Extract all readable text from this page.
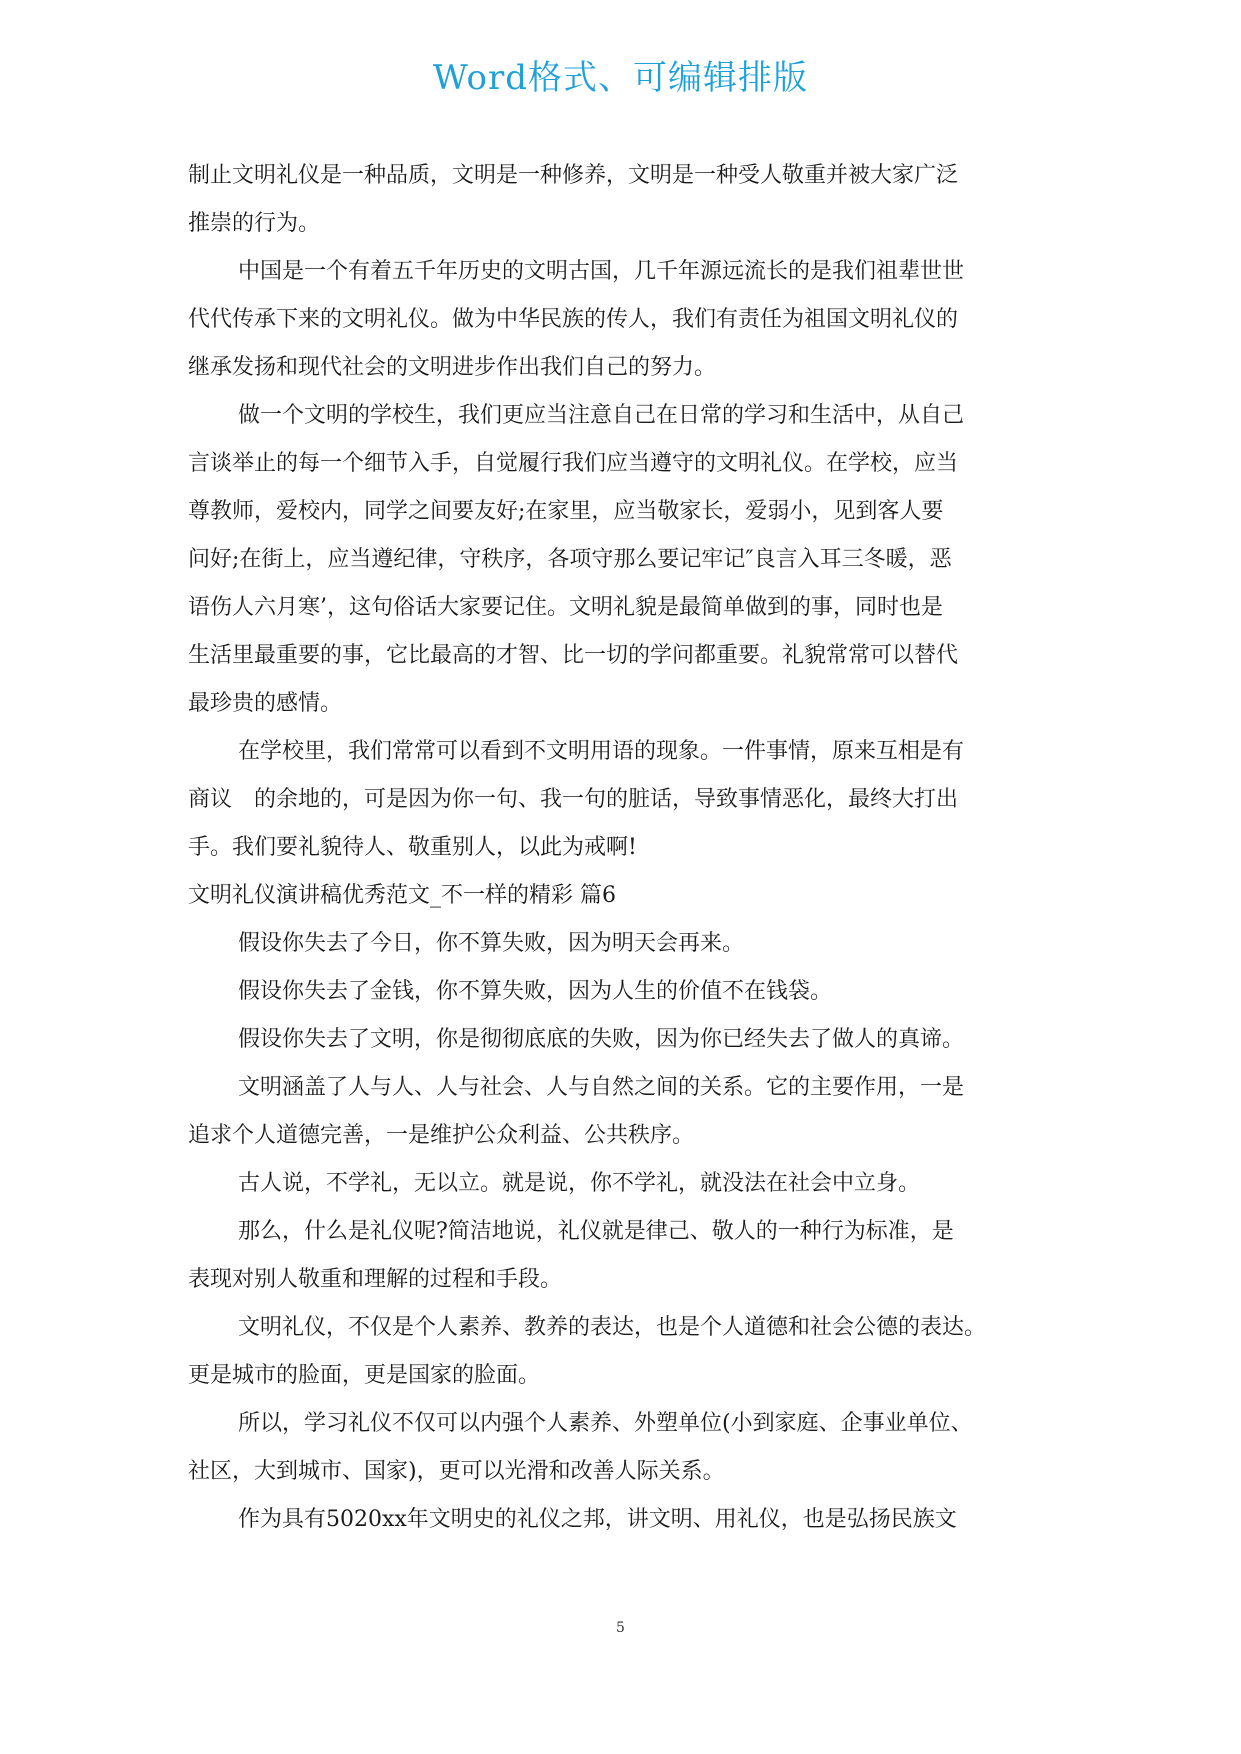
Word格式、可编辑排版
制止文明礼仪是一种品质，文明是一种修养，文明是一种受人敬重并被大家广泛
推崇的行为。
中国是一个有着五千年历史的文明古国，几千年源远流长的是我们祖辈世世
代代传承下来的文明礼仪。做为中华民族的传人，我们有责任为祖国文明礼仪的
继承发扬和现代社会的文明进步作出我们自己的努力。
做一个文明的学校生，我们更应当注意自己在日常的学习和生活中，从自己
言谈举止的每一个细节入手，自觉履行我们应当遵守的文明礼仪。在学校，应当
尊教师，爱校内，同学之间要友好;在家里，应当敬家长，爱弱小，见到客人要
问好;在街上，应当遵纪律，守秩序，各项守那么要记牢记″良言入耳三冬暖，恶
语伤人六月寒’，这句俗话大家要记住。文明礼貌是最简单做到的事，同时也是
生活里最重要的事，它比最高的才智、比一切的学问都重要。礼貌常常可以替代
最珍贵的感情。
在学校里，我们常常可以看到不文明用语的现象。一件事情，原来互相是有
商议　的余地的，可是因为你一句、我一句的脏话，导致事情恶化，最终大打出
手。我们要礼貌待人、敬重别人，以此为戒啊!
文明礼仪演讲稿优秀范文_不一样的精彩 篇6
假设你失去了今日，你不算失败，因为明天会再来。
假设你失去了金钱，你不算失败，因为人生的价值不在钱袋。
假设你失去了文明，你是彻彻底底的失败，因为你已经失去了做人的真谛。
文明涵盖了人与人、人与社会、人与自然之间的关系。它的主要作用，一是
追求个人道德完善，一是维护公众利益、公共秩序。
古人说，不学礼，无以立。就是说，你不学礼，就没法在社会中立身。
那么，什么是礼仪呢?简洁地说，礼仪就是律己、敬人的一种行为标准，是
表现对别人敬重和理解的过程和手段。
文明礼仪，不仅是个人素养、教养的表达，也是个人道德和社会公德的表达。
更是城市的脸面，更是国家的脸面。
所以，学习礼仪不仅可以内强个人素养、外塑单位(小到家庭、企事业单位、
社区，大到城市、国家)，更可以光滑和改善人际关系。
作为具有5020xx年文明史的礼仪之邦，讲文明、用礼仪，也是弘扬民族文
5
